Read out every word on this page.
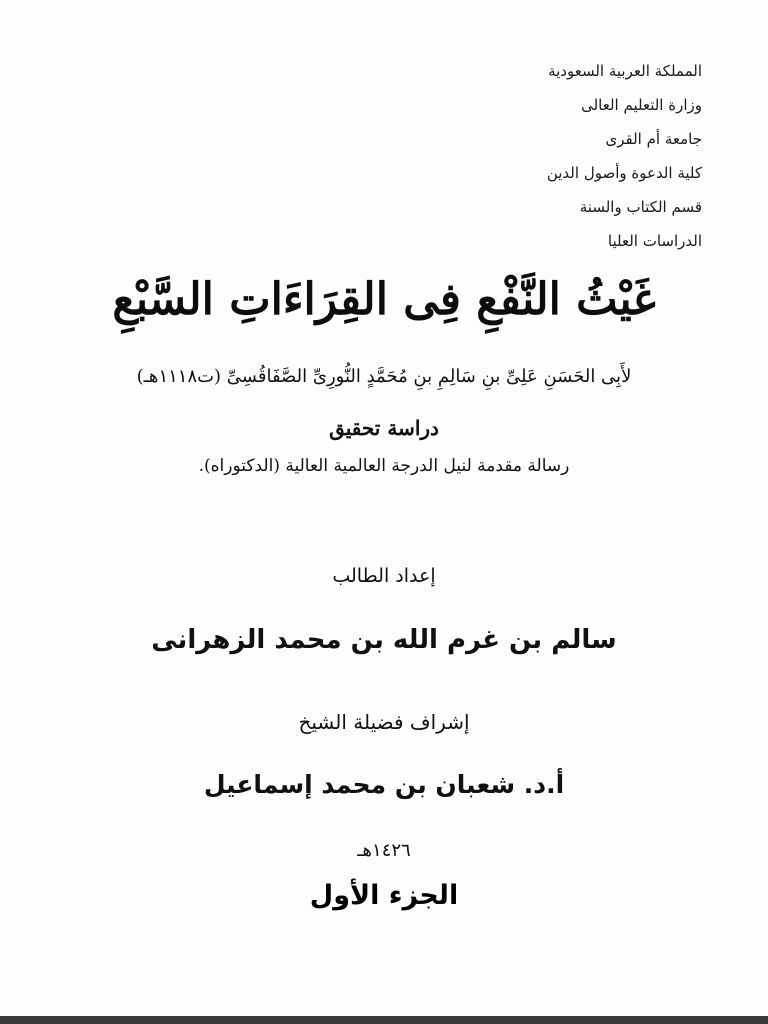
المملكة العربية السعودية
وزارة التعليم العالى
جامعة أم القرى
كلية الدعوة وأصول الدين
قسم الكتاب والسنة
الدراسات العليا
غَيْثُ النَّفْعِ فِى القِرَاءَاتِ السَّبْعِ
لأَبِى الحَسَنِ عَلِىِّ بنِ سَالِمِ بنِ مُحَمَّدٍ النُّورِىِّ الصَّفَاقُسِىِّ (ت١١١٨هـ)
دراسة تحقيق
رسالة مقدمة لنيل الدرجة العالمية العالية (الدكتوراه).
إعداد الطالب
سالم بن غرم الله بن محمد الزهرانى
إشراف فضيلة الشيخ
أ.د. شعبان بن محمد إسماعيل
١٤٢٦هـ
الجزء الأول
